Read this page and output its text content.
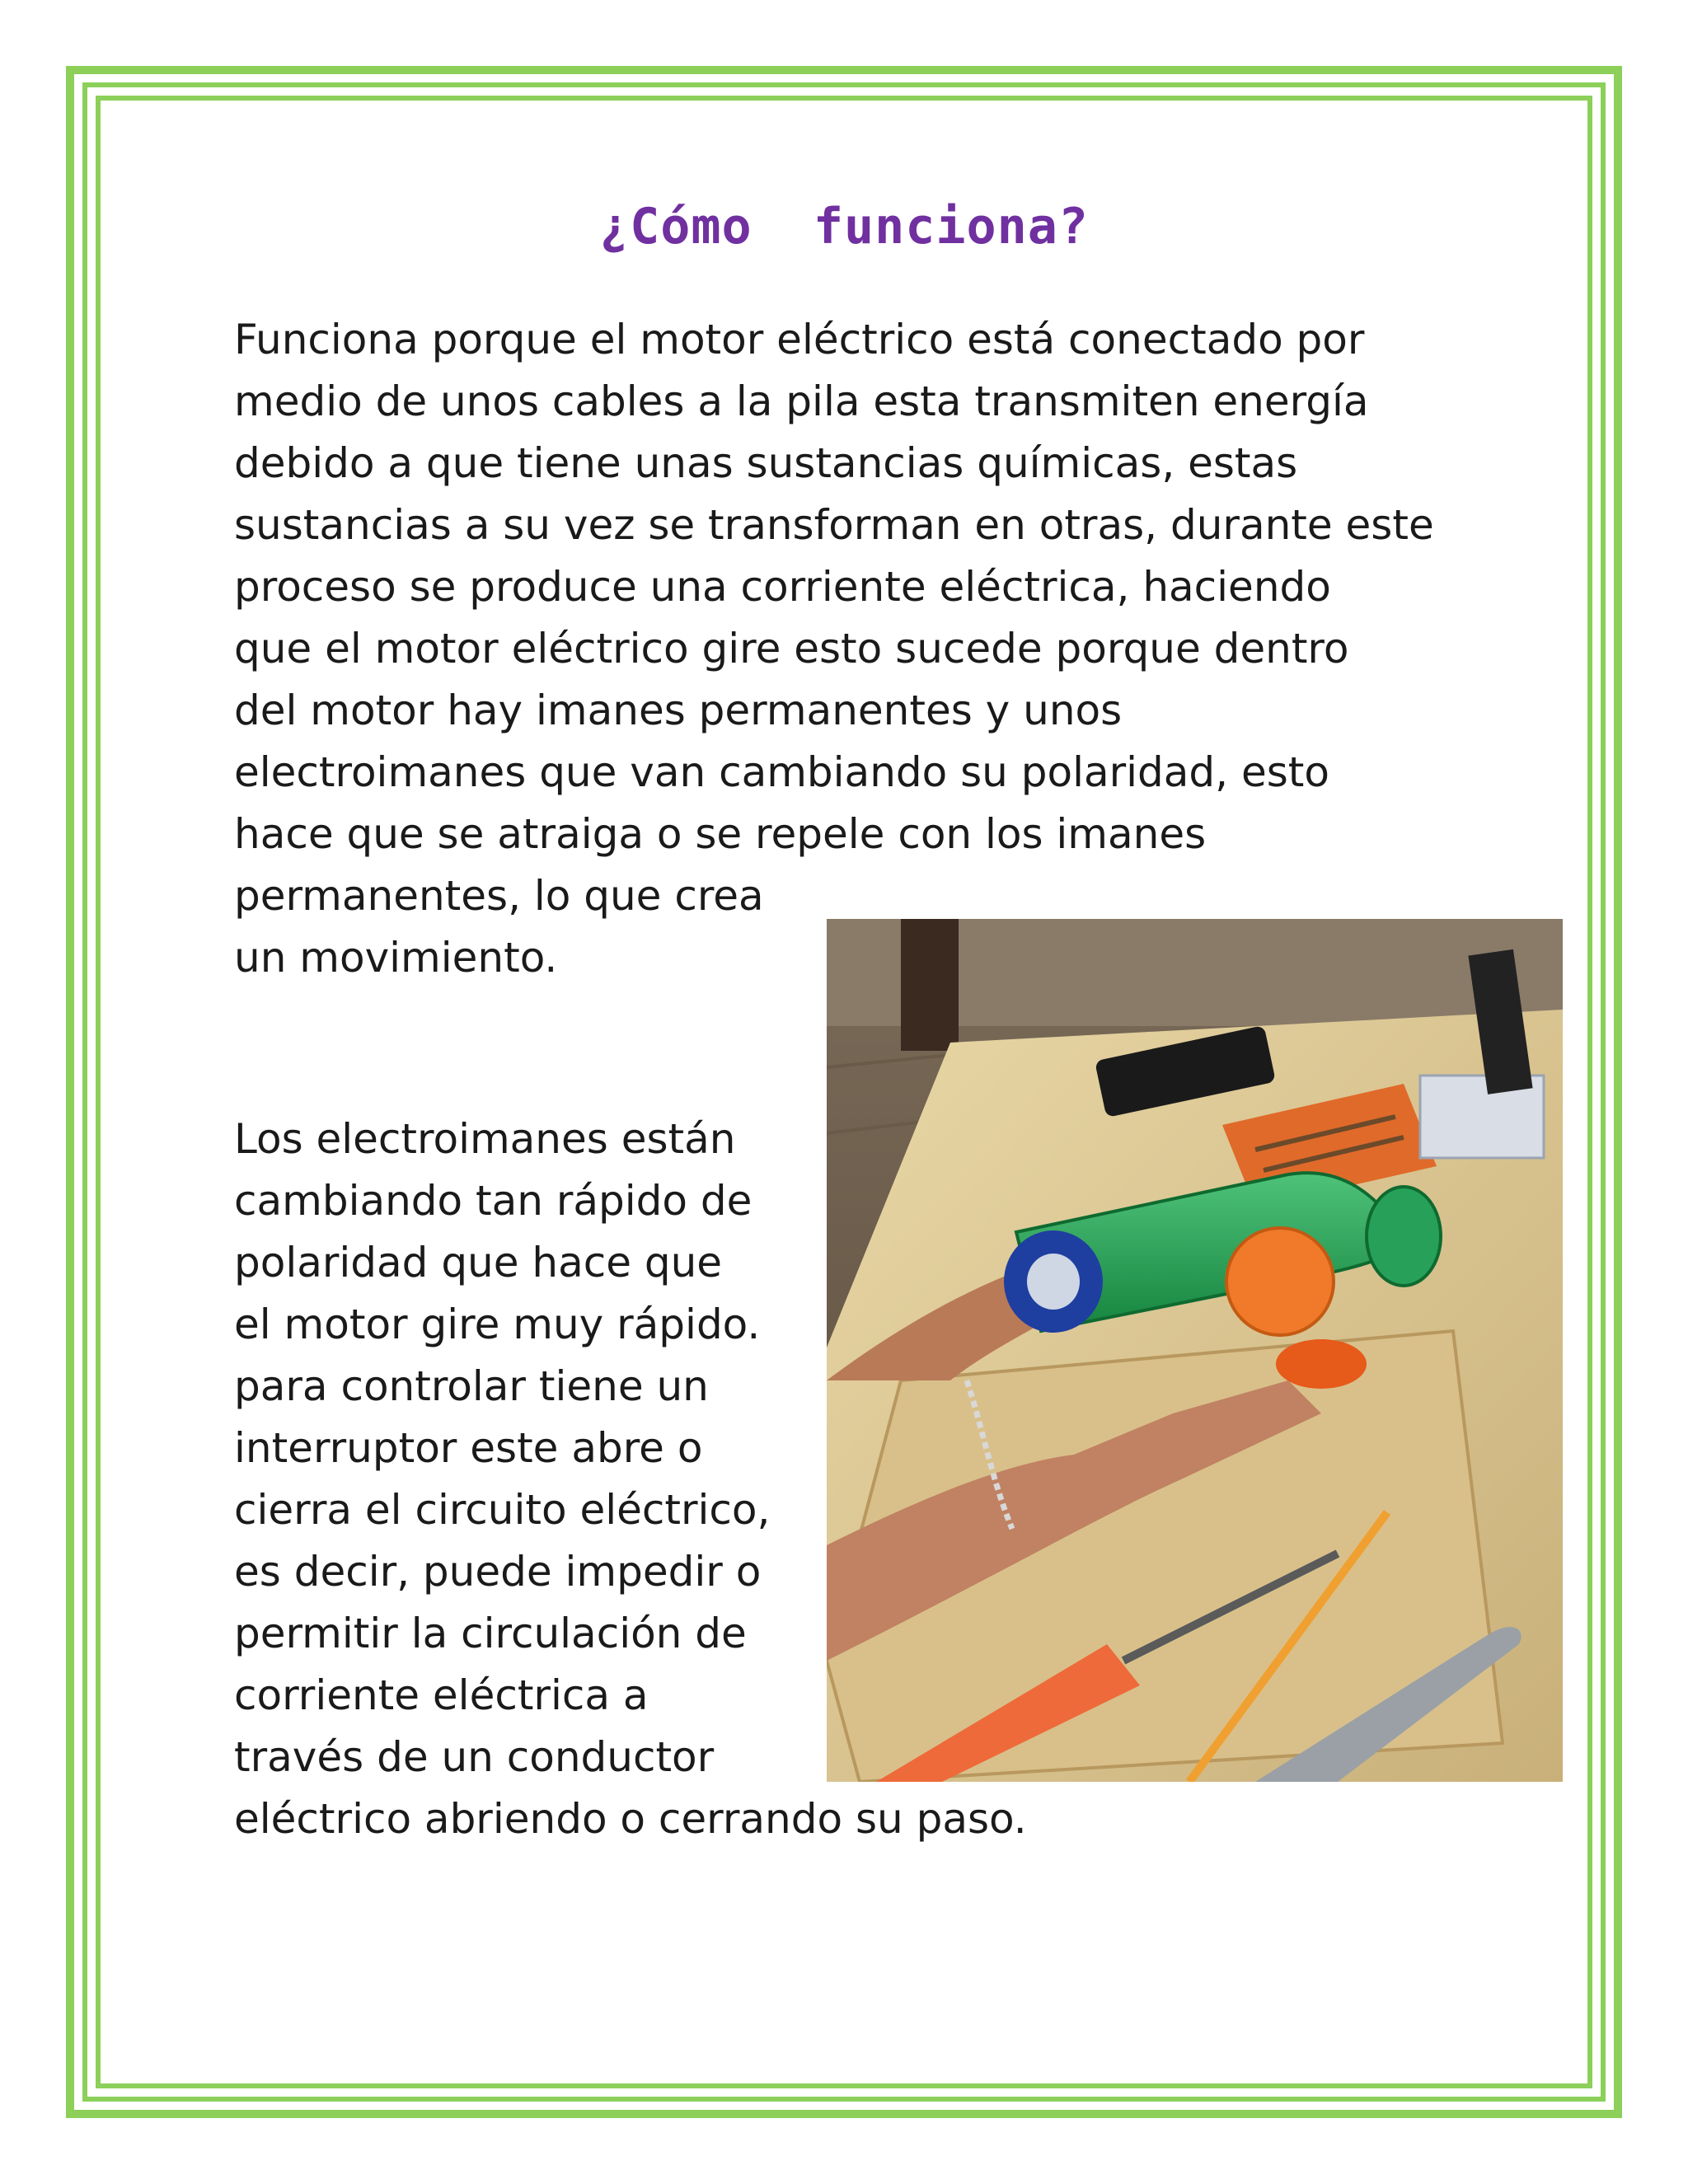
¿Cómo  funciona?
Funciona porque el motor eléctrico está conectado por
medio de unos cables a la pila esta transmiten energía
debido a que tiene unas sustancias químicas, estas
sustancias a su vez se transforman en otras, durante este
proceso se produce una corriente eléctrica, haciendo
que el motor eléctrico gire esto sucede porque dentro
del motor hay imanes permanentes y unos
electroimanes que van cambiando su polaridad, esto
hace que se atraiga o se repele con los imanes
permanentes, lo que crea
un movimiento.
Los electroimanes están
cambiando tan rápido de
polaridad que hace que
el motor gire muy rápido.
para controlar tiene un
interruptor este abre o
cierra el circuito eléctrico,
es decir, puede impedir o
permitir la circulación de
corriente eléctrica a
través de un conductor
eléctrico abriendo o cerrando su paso.
